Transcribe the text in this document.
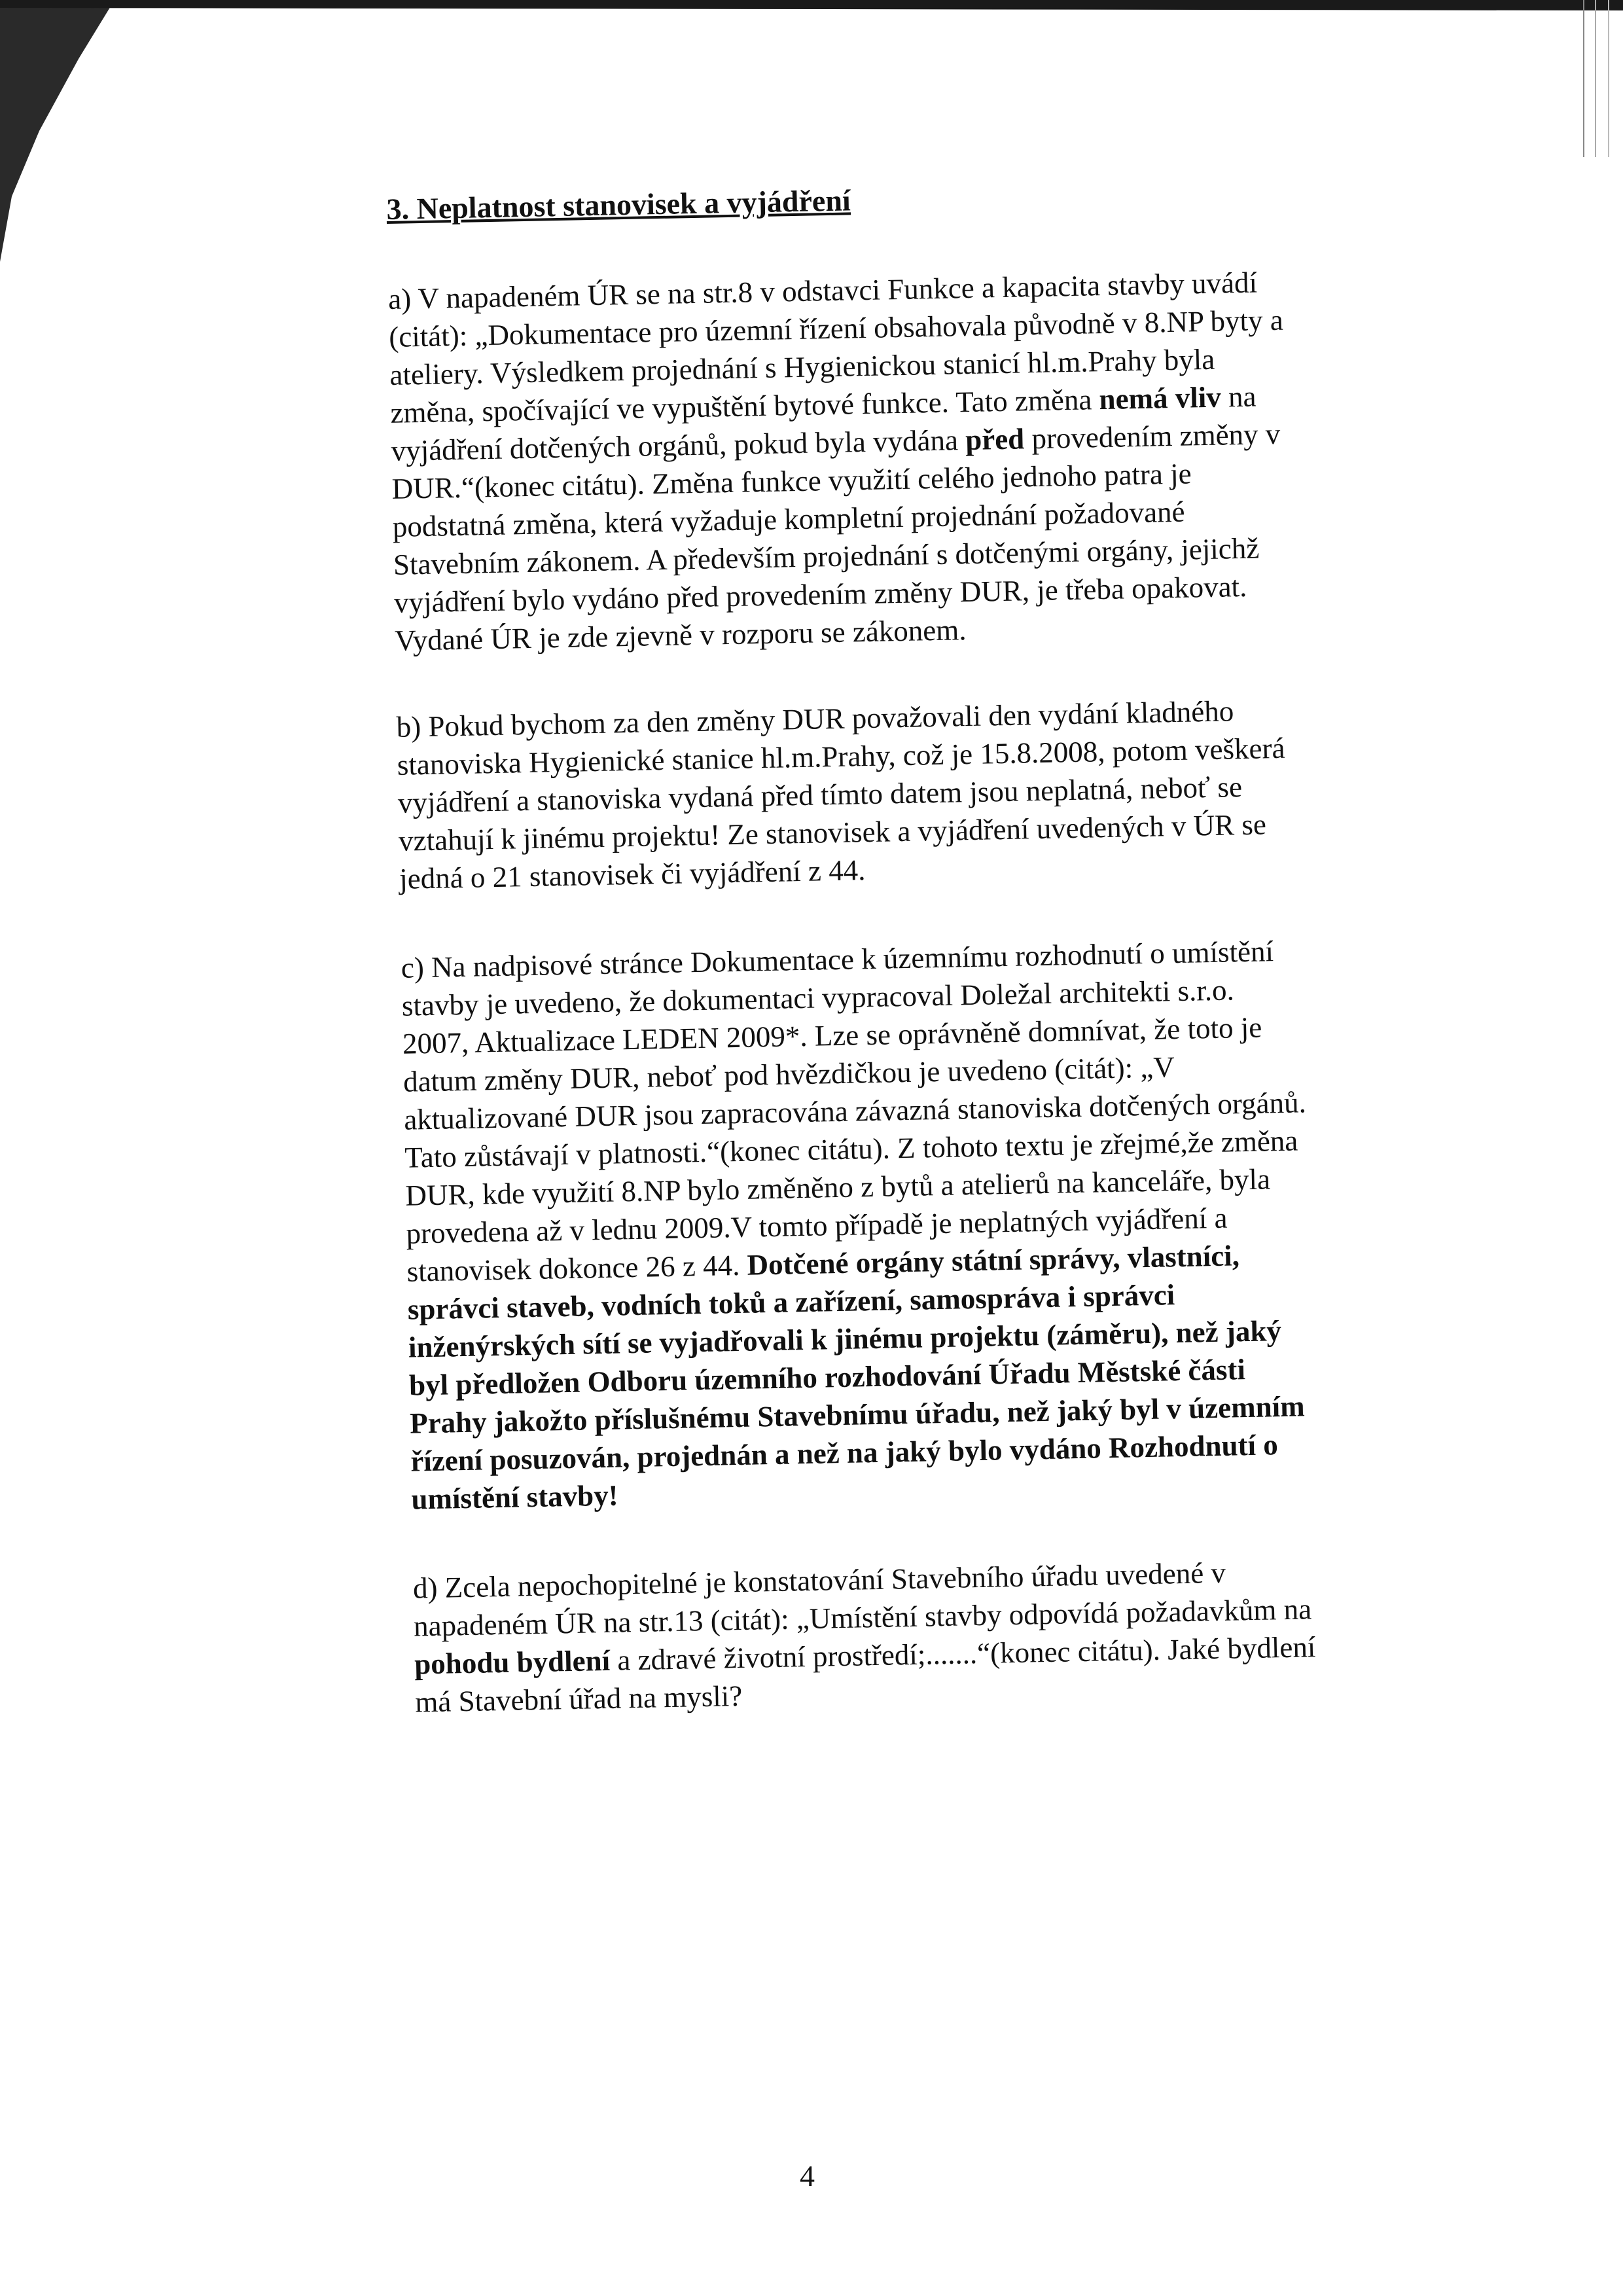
3. Neplatnost stanovisek a vyjádření
a) V napadeném ÚR se na str.8 v odstavci Funkce a kapacita stavby uvádí (citát): „Dokumentace pro územní řízení obsahovala původně v 8.NP byty a ateliery. Výsledkem projednání s Hygienickou stanicí hl.m.Prahy byla změna, spočívající ve vypuštění bytové funkce. Tato změna nemá vliv na vyjádření dotčených orgánů, pokud byla vydána před provedením změny v DUR.“(konec citátu). Změna funkce využití celého jednoho patra je podstatná změna, která vyžaduje kompletní projednání požadované Stavebním zákonem. A především projednání s dotčenými orgány, jejichž vyjádření bylo vydáno před provedením změny DUR, je třeba opakovat. Vydané ÚR je zde zjevně v rozporu se zákonem.
b) Pokud bychom za den změny DUR považovali den vydání kladného stanoviska Hygienické stanice hl.m.Prahy, což je 15.8.2008, potom veškerá vyjádření a stanoviska vydaná před tímto datem jsou neplatná, neboť se vztahují k jinému projektu! Ze stanovisek a vyjádření uvedených v ÚR se jedná o 21 stanovisek či vyjádření z 44.
c) Na nadpisové stránce Dokumentace k územnímu rozhodnutí o umístění stavby je uvedeno, že dokumentaci vypracoval Doležal architekti s.r.o. 2007, Aktualizace LEDEN 2009*. Lze se oprávněně domnívat, že toto je datum změny DUR, neboť pod hvězdičkou je uvedeno (citát): „V aktualizované DUR jsou zapracována závazná stanoviska dotčených orgánů. Tato zůstávají v platnosti.“(konec citátu). Z tohoto textu je zřejmé,že změna DUR, kde využití 8.NP bylo změněno z bytů a atelierů na kanceláře, byla provedena až v lednu 2009.V tomto případě je neplatných vyjádření a stanovisek dokonce 26 z 44. Dotčené orgány státní správy, vlastníci, správci staveb, vodních toků a zařízení, samospráva i správci inženýrských sítí se vyjadřovali k jinému projektu (záměru), než jaký byl předložen Odboru územního rozhodování Úřadu Městské části Prahy jakožto příslušnému Stavebnímu úřadu, než jaký byl v územním řízení posuzován, projednán a než na jaký bylo vydáno Rozhodnutí o umístění stavby!
d) Zcela nepochopitelné je konstatování Stavebního úřadu uvedené v napadeném ÚR na str.13 (citát): „Umístění stavby odpovídá požadavkům na pohodu bydlení a zdravé životní prostředí;.......“(konec citátu). Jaké bydlení má Stavební úřad na mysli?
4
